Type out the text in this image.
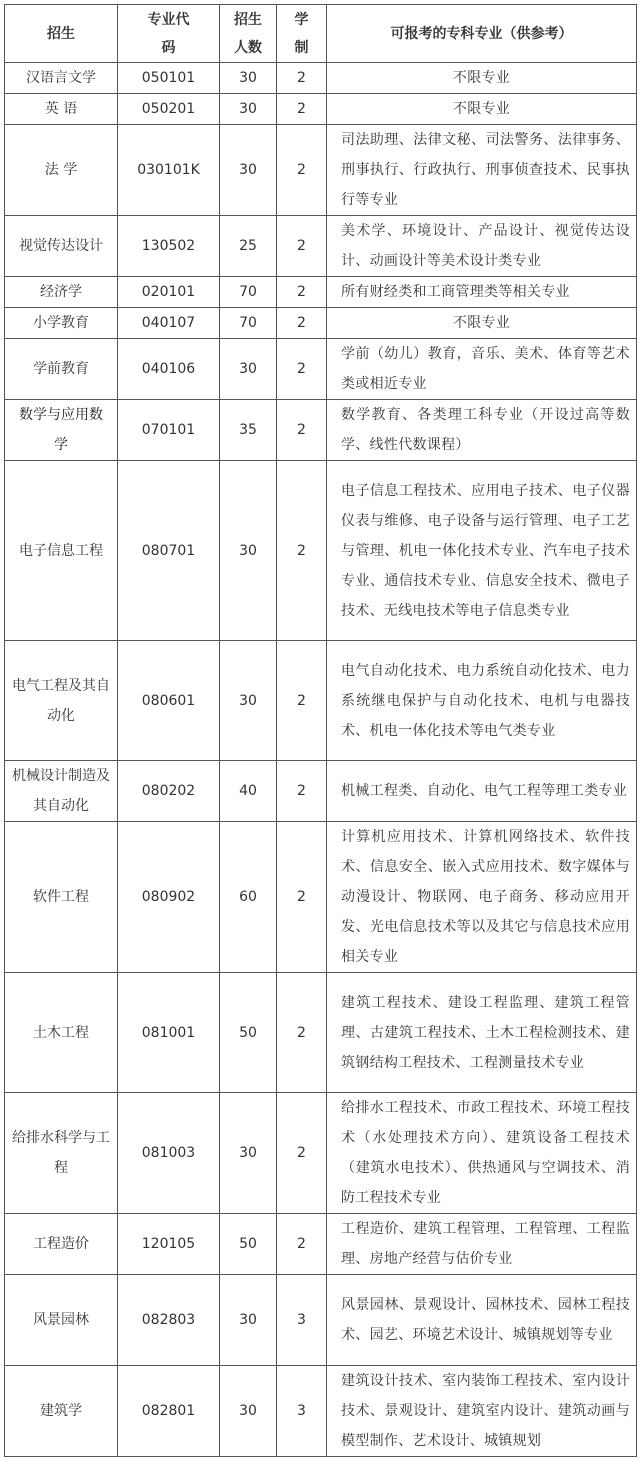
招生	专业代码	招生人数	学制	可报考的专科专业（供参考）
汉语言文学	050101	30	2	不限专业
英 语	050201	30	2	不限专业
法 学	030101K	30	2	司法助理、法律文秘、司法警务、法律事务、刑事执行、行政执行、刑事侦查技术、民事执行等专业
视觉传达设计	130502	25	2	美术学、环境设计、产品设计、视觉传达设计、动画设计等美术设计类专业
经济学	020101	70	2	所有财经类和工商管理类等相关专业
小学教育	040107	70	2	不限专业
学前教育	040106	30	2	学前（幼儿）教育，音乐、美术、体育等艺术类或相近专业
数学与应用数 学	070101	35	2	数学教育、各类理工科专业（开设过高等数学、线性代数课程）
电子信息工程	080701	30	2	电子信息工程技术、应用电子技术、电子仪器仪表与维修、电子设备与运行管理、电子工艺与管理、机电一体化技术专业、汽车电子技术专业、通信技术专业、信息安全技术、微电子技术、无线电技术等电子信息类专业
电气工程及其自动化	080601	30	2	电气自动化技术、电力系统自动化技术、电力系统继电保护与自动化技术、电机与电器技术、机电一体化技术等电气类专业
机械设计制造及其自动化	080202	40	2	机械工程类、自动化、电气工程等理工类专业
软件工程	080902	60	2	计算机应用技术、计算机网络技术、软件技术、信息安全、嵌入式应用技术、数字媒体与动漫设计、物联网、电子商务、移动应用开发、光电信息技术等以及其它与信息技术应用相关专业
土木工程	081001	50	2	建筑工程技术、建设工程监理、建筑工程管理、古建筑工程技术、土木工程检测技术、建筑钢结构工程技术、工程测量技术专业
给排水科学与工 程	081003	30	2	给排水工程技术、市政工程技术、环境工程技术（水处理技术方向）、建筑设备工程技术（建筑水电技术）、供热通风与空调技术、消防工程技术专业
工程造价	120105	50	2	工程造价、建筑工程管理、工程管理、工程监理、房地产经营与估价专业
风景园林	082803	30	3	风景园林、景观设计、园林技术、园林工程技术、园艺、环境艺术设计、城镇规划等专业
建筑学	082801	30	3	建筑设计技术、室内装饰工程技术、室内设计技术、景观设计、建筑室内设计、建筑动画与模型制作、艺术设计、城镇规划
